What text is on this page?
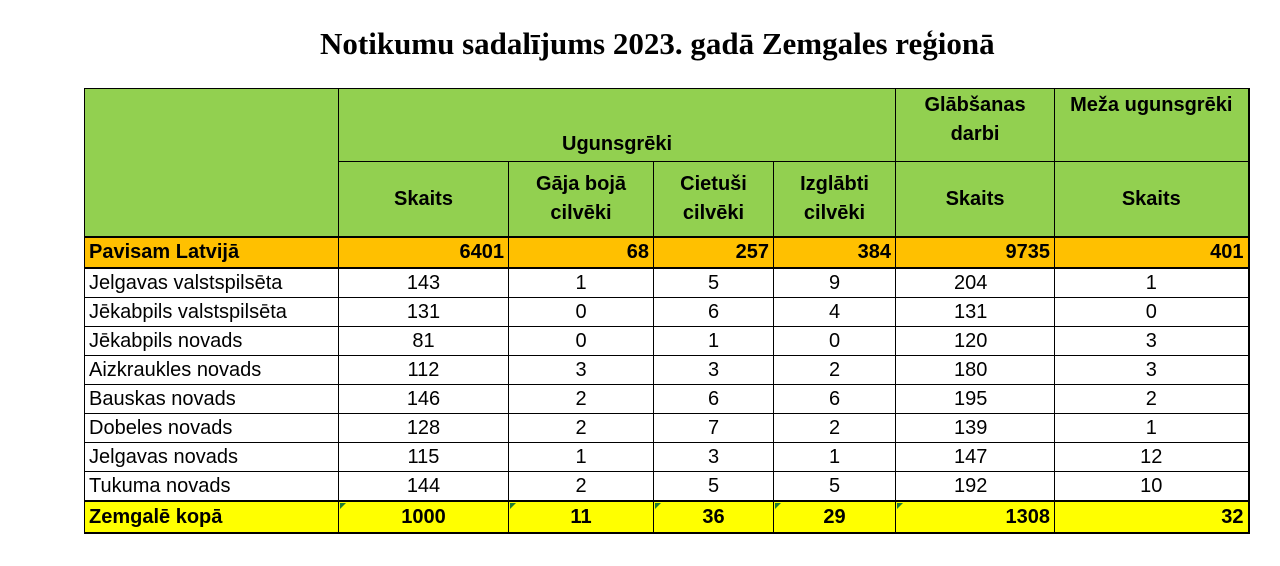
Notikumu sadalījums 2023. gadā Zemgales reģionā
	Ugunsgrēki				Glābšanas darbi	Meža ugunsgrēki
	Skaits	Gāja bojā cilvēki	Cietuši cilvēki	Izglābti cilvēki	Skaits	Skaits
Pavisam Latvijā	6401	68	257	384	9735	401
Jelgavas valstspilsēta	143	1	5	9	204	1
Jēkabpils valstspilsēta	131	0	6	4	131	0
Jēkabpils novads	81	0	1	0	120	3
Aizkraukles novads	112	3	3	2	180	3
Bauskas novads	146	2	6	6	195	2
Dobeles novads	128	2	7	2	139	1
Jelgavas novads	115	1	3	1	147	12
Tukuma novads	144	2	5	5	192	10
Zemgalē kopā	1000	11	36	29	1308	32
